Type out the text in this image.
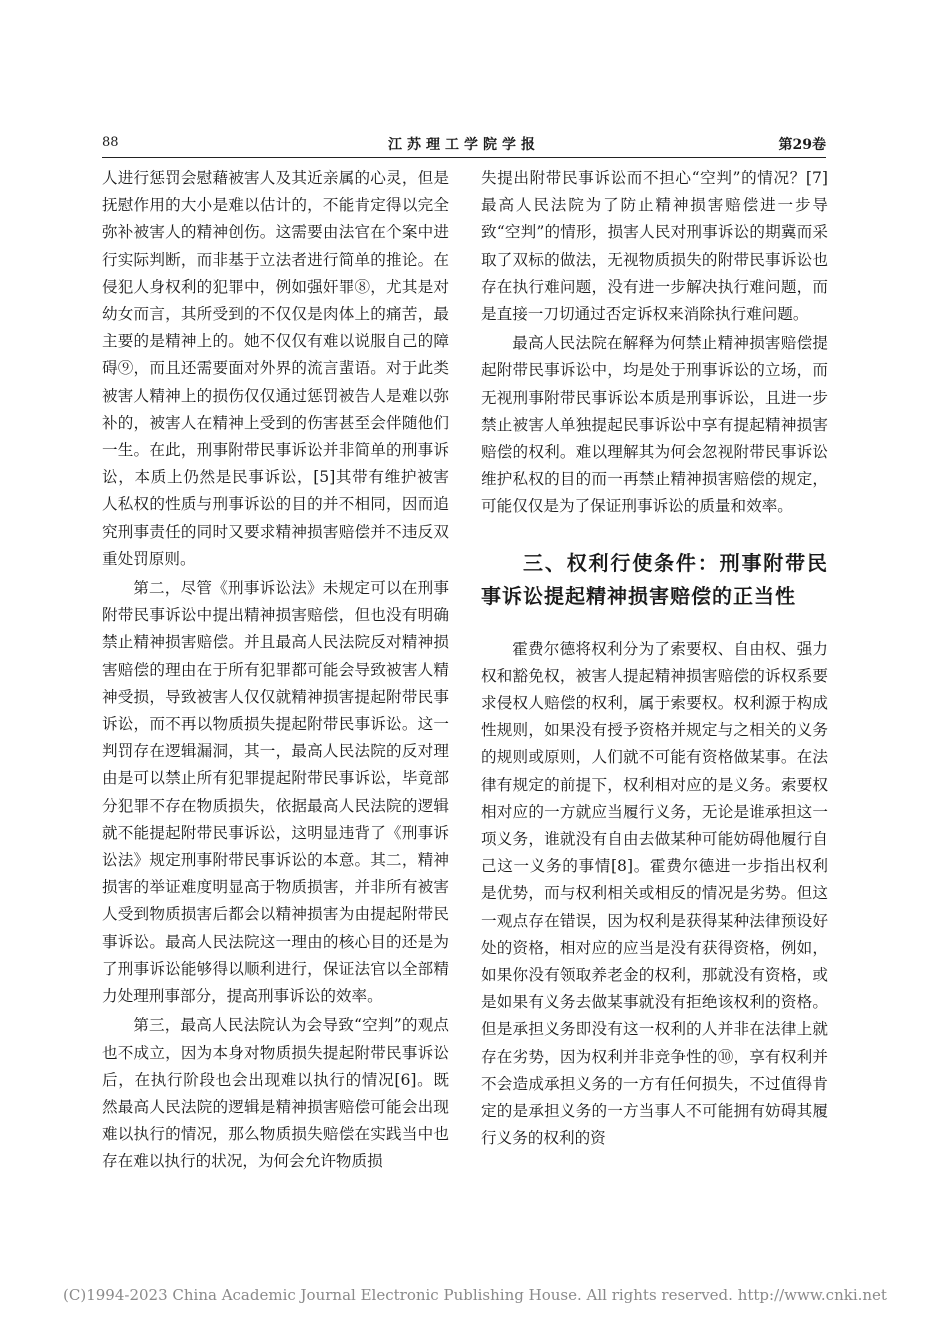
88	江苏理工学院学报	第29卷

人进行惩罚会慰藉被害人及其近亲属的心灵，但是抚慰作用的大小是难以估计的，不能肯定得以完全弥补被害人的精神创伤。这需要由法官在个案中进行实际判断，而非基于立法者进行简单的推论。在侵犯人身权利的犯罪中，例如强奸罪⑧，尤其是对幼女而言，其所受到的不仅仅是肉体上的痛苦，最主要的是精神上的。她不仅仅有难以说服自己的障碍⑨，而且还需要面对外界的流言蜚语。对于此类被害人精神上的损伤仅仅通过惩罚被告人是难以弥补的，被害人在精神上受到的伤害甚至会伴随他们一生。在此，刑事附带民事诉讼并非简单的刑事诉讼，本质上仍然是民事诉讼，[5]其带有维护被害人私权的性质与刑事诉讼的目的并不相同，因而追究刑事责任的同时又要求精神损害赔偿并不违反双重处罚原则。

第二，尽管《刑事诉讼法》未规定可以在刑事附带民事诉讼中提出精神损害赔偿，但也没有明确禁止精神损害赔偿。并且最高人民法院反对精神损害赔偿的理由在于所有犯罪都可能会导致被害人精神受损，导致被害人仅仅就精神损害提起附带民事诉讼，而不再以物质损失提起附带民事诉讼。这一判罚存在逻辑漏洞，其一，最高人民法院的反对理由是可以禁止所有犯罪提起附带民事诉讼，毕竟部分犯罪不存在物质损失，依据最高人民法院的逻辑就不能提起附带民事诉讼，这明显违背了《刑事诉讼法》规定刑事附带民事诉讼的本意。其二，精神损害的举证难度明显高于物质损害，并非所有被害人受到物质损害后都会以精神损害为由提起附带民事诉讼。最高人民法院这一理由的核心目的还是为了刑事诉讼能够得以顺利进行，保证法官以全部精力处理刑事部分，提高刑事诉讼的效率。

第三，最高人民法院认为会导致“空判”的观点也不成立，因为本身对物质损失提起附带民事诉讼后，在执行阶段也会出现难以执行的情况[6]。既然最高人民法院的逻辑是精神损害赔偿可能会出现难以执行的情况，那么物质损失赔偿在实践当中也存在难以执行的状况，为何会允许物质损

失提出附带民事诉讼而不担心“空判”的情况？[7]最高人民法院为了防止精神损害赔偿进一步导致“空判”的情形，损害人民对刑事诉讼的期冀而采取了双标的做法，无视物质损失的附带民事诉讼也存在执行难问题，没有进一步解决执行难问题，而是直接一刀切通过否定诉权来消除执行难问题。

最高人民法院在解释为何禁止精神损害赔偿提起附带民事诉讼中，均是处于刑事诉讼的立场，而无视刑事附带民事诉讼本质是刑事诉讼，且进一步禁止被害人单独提起民事诉讼中享有提起精神损害赔偿的权利。难以理解其为何会忽视附带民事诉讼维护私权的目的而一再禁止精神损害赔偿的规定，可能仅仅是为了保证刑事诉讼的质量和效率。

三、权利行使条件：刑事附带民事诉讼提起精神损害赔偿的正当性

霍费尔德将权利分为了索要权、自由权、强力权和豁免权，被害人提起精神损害赔偿的诉权系要求侵权人赔偿的权利，属于索要权。权利源于构成性规则，如果没有授予资格并规定与之相关的义务的规则或原则，人们就不可能有资格做某事。在法律有规定的前提下，权利相对应的是义务。索要权相对应的一方就应当履行义务，无论是谁承担这一项义务，谁就没有自由去做某种可能妨碍他履行自己这一义务的事情[8]。霍费尔德进一步指出权利是优势，而与权利相关或相反的情况是劣势。但这一观点存在错误，因为权利是获得某种法律预设好处的资格，相对应的应当是没有获得资格，例如，如果你没有领取养老金的权利，那就没有资格，或是如果有义务去做某事就没有拒绝该权利的资格。但是承担义务即没有这一权利的人并非在法律上就存在劣势，因为权利并非竞争性的⑩，享有权利并不会造成承担义务的一方有任何损失，不过值得肯定的是承担义务的一方当事人不可能拥有妨碍其履行义务的权利的资

(C)1994-2023 China Academic Journal Electronic Publishing House. All rights reserved. http://www.cnki.net
